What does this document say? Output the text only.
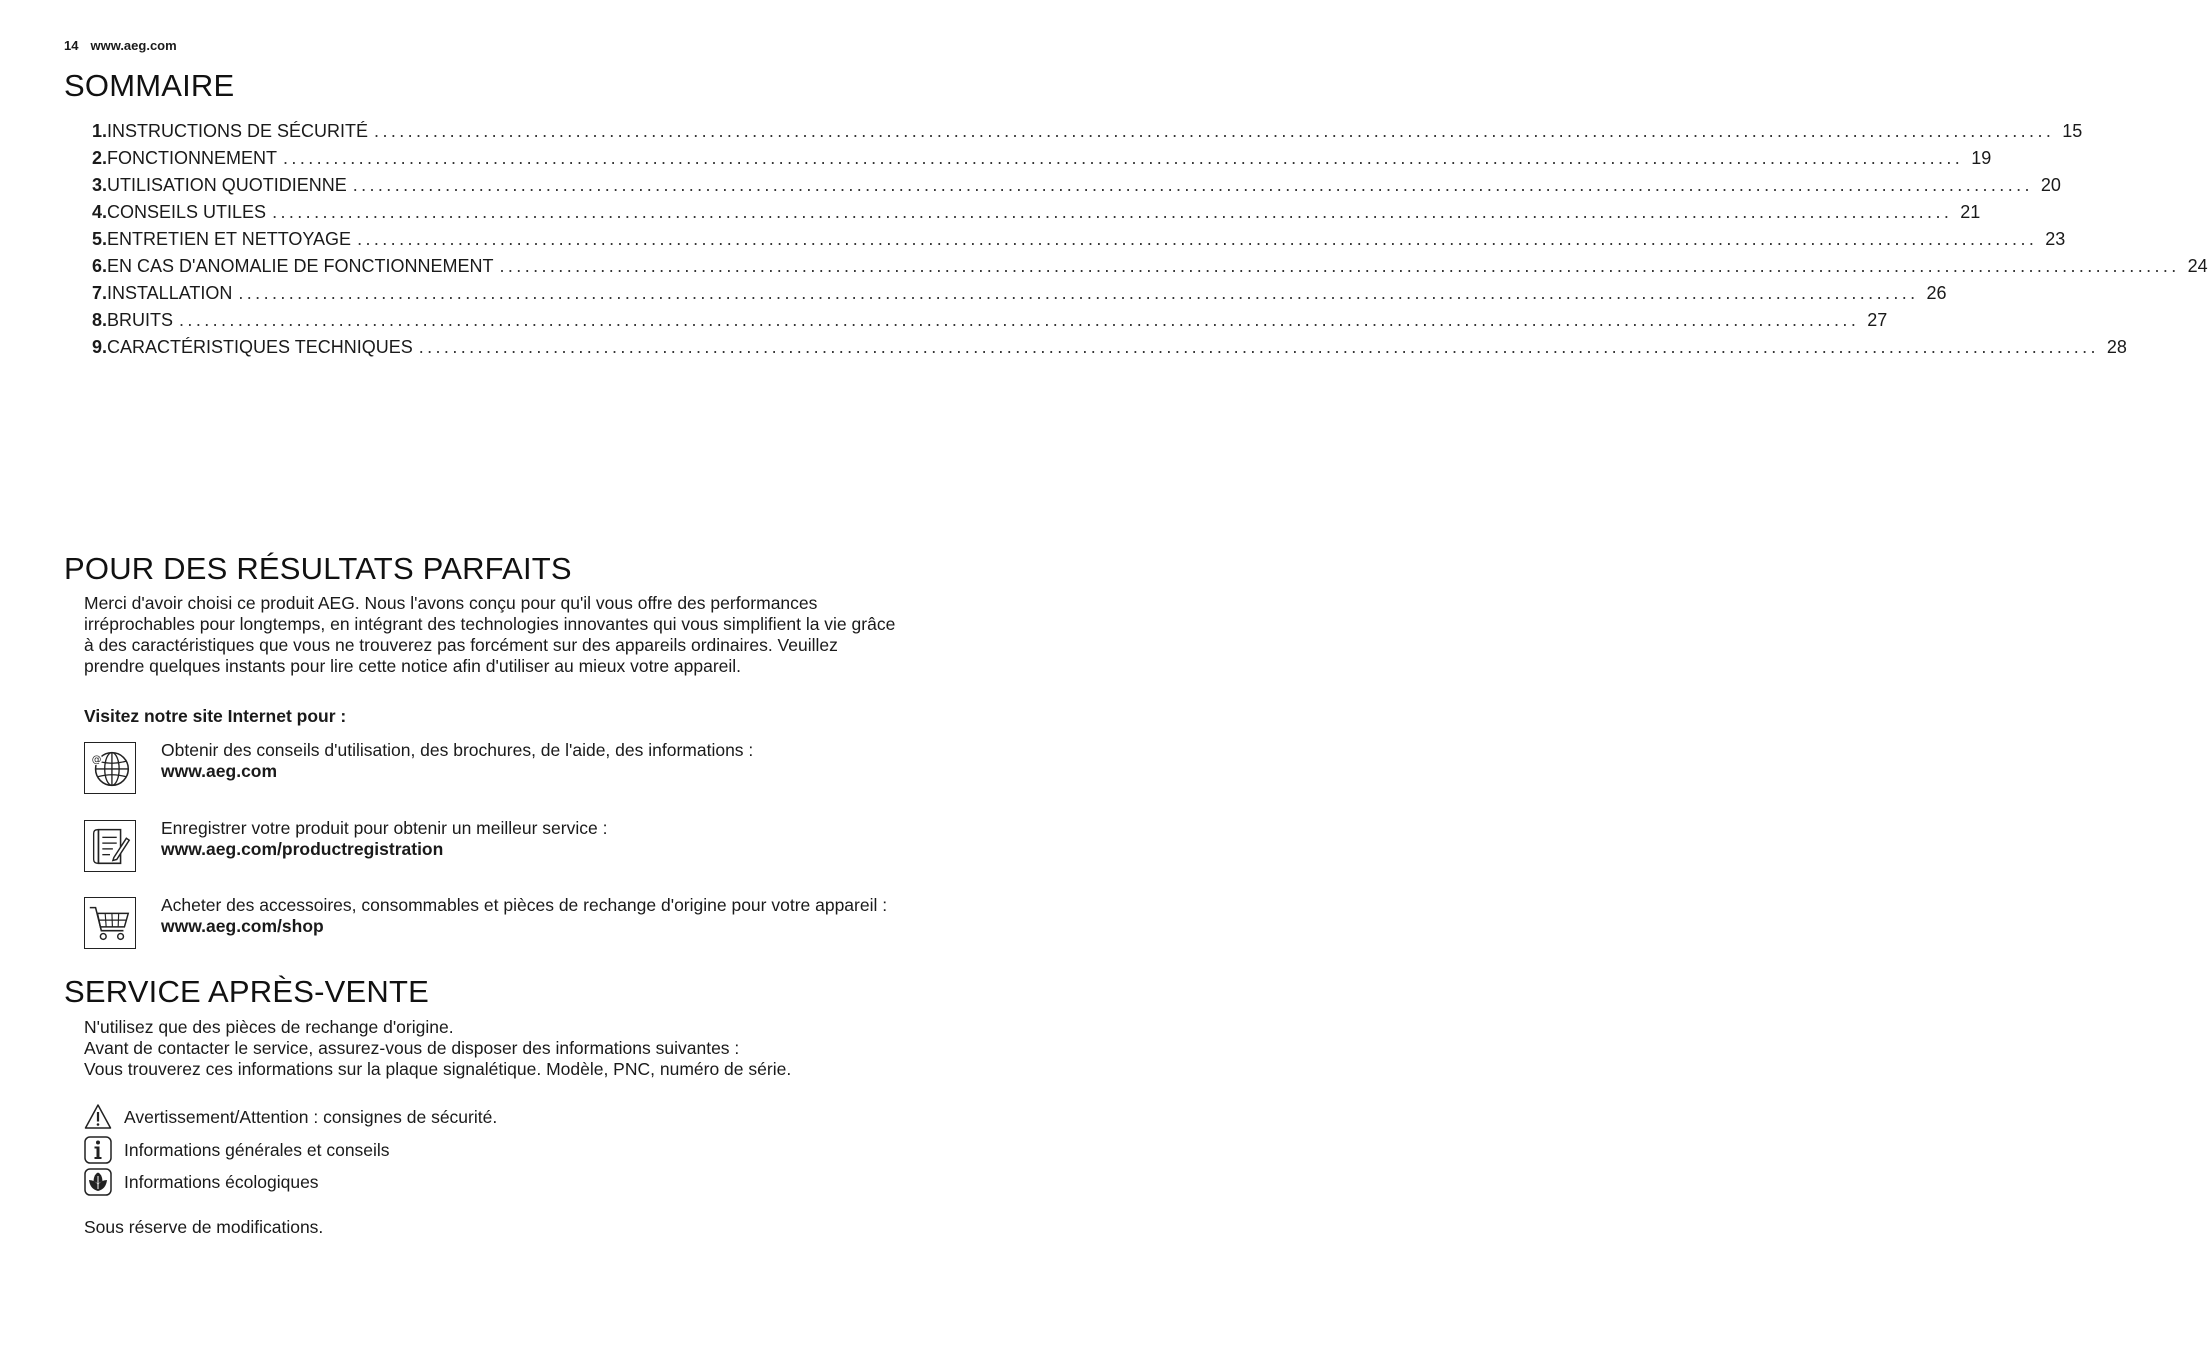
14 www.aeg.com
SOMMAIRE
1. INSTRUCTIONS DE SÉCURITÉ ........................................................................................................................................................................................................ 15
2. FONCTIONNEMENT ........................................................................................................................................................................................................ 19
3. UTILISATION QUOTIDIENNE ........................................................................................................................................................................................................ 20
4. CONSEILS UTILES ........................................................................................................................................................................................................ 21
5. ENTRETIEN ET NETTOYAGE ........................................................................................................................................................................................................ 23
6. EN CAS D'ANOMALIE DE FONCTIONNEMENT ........................................................................................................................................................................................................ 24
7. INSTALLATION ........................................................................................................................................................................................................ 26
8. BRUITS ........................................................................................................................................................................................................ 27
9. CARACTÉRISTIQUES TECHNIQUES ........................................................................................................................................................................................................ 28
POUR DES RÉSULTATS PARFAITS
Merci d'avoir choisi ce produit AEG. Nous l'avons conçu pour qu'il vous offre des performances irréprochables pour longtemps, en intégrant des technologies innovantes qui vous simplifient la vie grâce à des caractéristiques que vous ne trouverez pas forcément sur des appareils ordinaires. Veuillez prendre quelques instants pour lire cette notice afin d'utiliser au mieux votre appareil.
Visitez notre site Internet pour :
@
Obtenir des conseils d'utilisation, des brochures, de l'aide, des informations :
www.aeg.com
Enregistrer votre produit pour obtenir un meilleur service :
www.aeg.com/productregistration
Acheter des accessoires, consommables et pièces de rechange d'origine pour votre appareil :
www.aeg.com/shop
SERVICE APRÈS-VENTE
N'utilisez que des pièces de rechange d'origine.
Avant de contacter le service, assurez-vous de disposer des informations suivantes :
Vous trouverez ces informations sur la plaque signalétique. Modèle, PNC, numéro de série.
Avertissement/Attention : consignes de sécurité.
Informations générales et conseils
Informations écologiques
Sous réserve de modifications.
